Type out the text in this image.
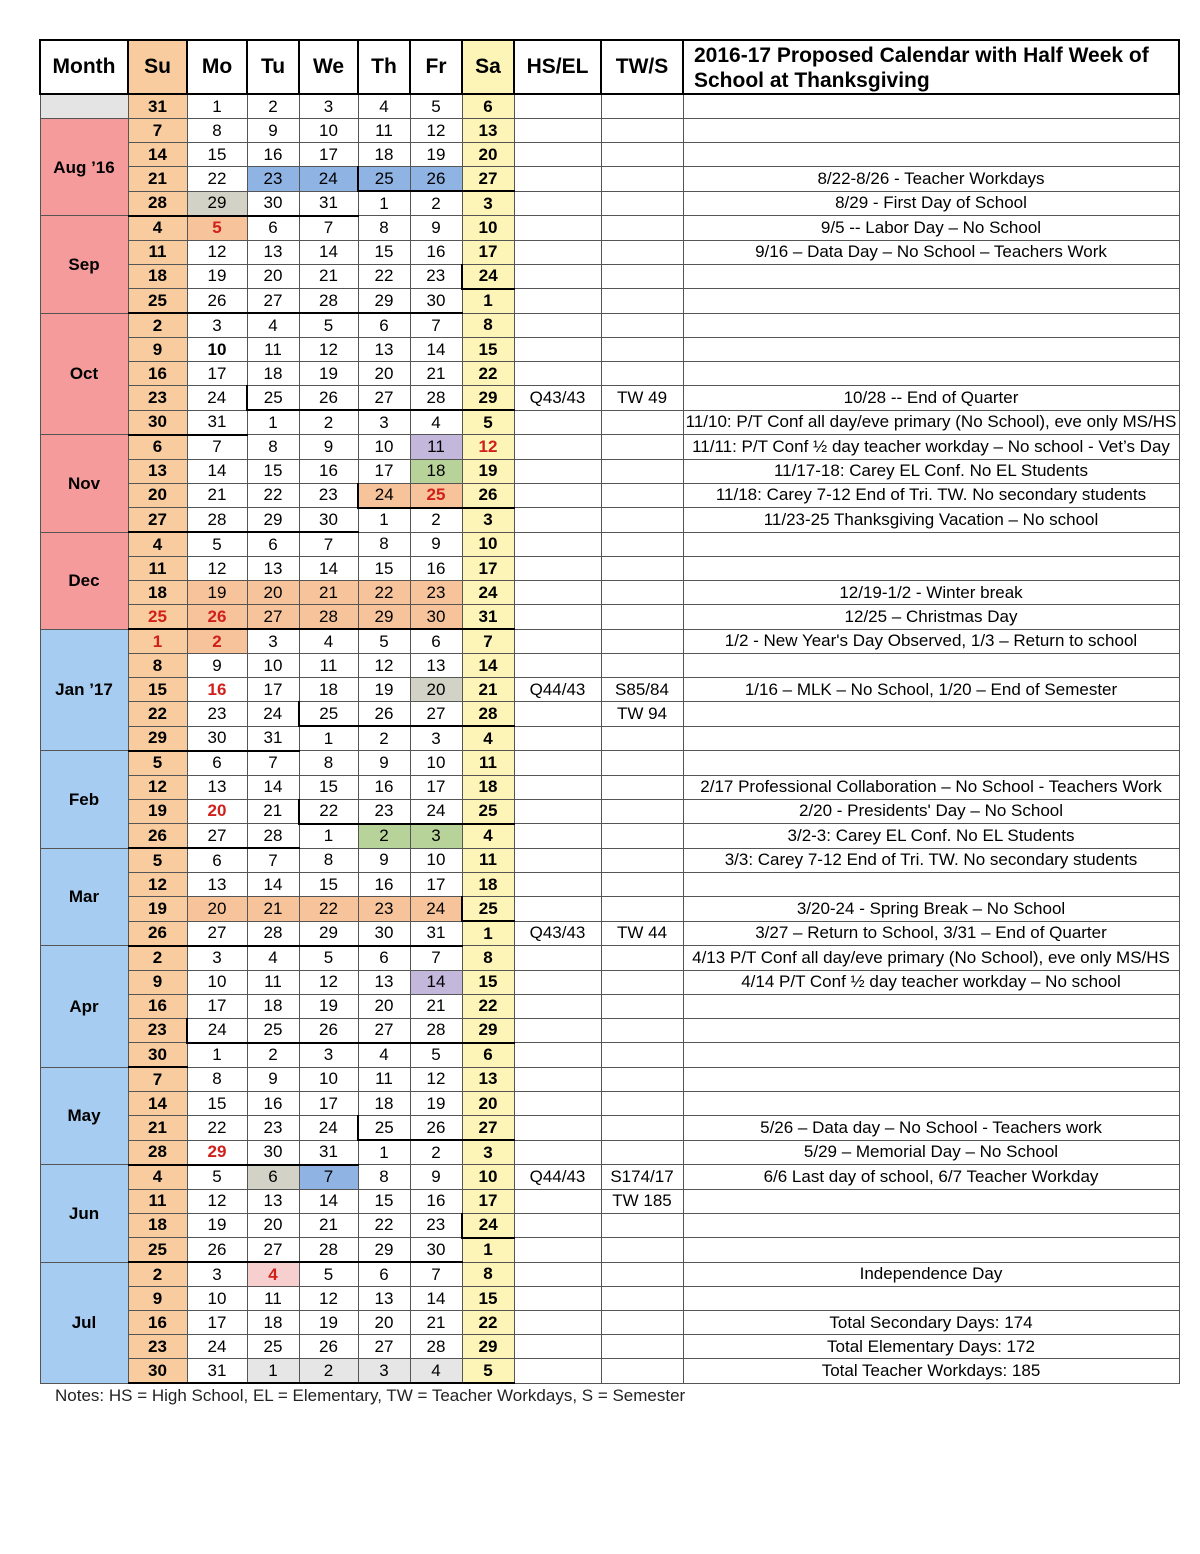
Month	Su	Mo	Tu	We	Th	Fr	Sa	HS/EL	TW/S	2016-17 Proposed Calendar with Half Week of School at Thanksgiving
	31	1	2	3	4	5	6			
Aug ’16	7	8	9	10	11	12	13			
	14	15	16	17	18	19	20			
	21	22	23	24	25	26	27			8/22-8/26 - Teacher Workdays
	28	29	30	31	1	2	3			8/29 - First Day of School
Sep	4	5	6	7	8	9	10			9/5 -- Labor Day – No School
	11	12	13	14	15	16	17			9/16 – Data Day – No School – Teachers Work
	18	19	20	21	22	23	24			
	25	26	27	28	29	30	1			
Oct	2	3	4	5	6	7	8			
	9	10	11	12	13	14	15			
	16	17	18	19	20	21	22			
	23	24	25	26	27	28	29	Q43/43	TW 49	10/28 -- End of Quarter
	30	31	1	2	3	4	5			11/10: P/T Conf all day/eve primary (No School), eve only MS/HS
Nov	6	7	8	9	10	11	12			11/11: P/T Conf ½ day teacher workday – No school - Vet’s Day
	13	14	15	16	17	18	19			11/17-18: Carey EL Conf. No EL Students
	20	21	22	23	24	25	26			11/18: Carey 7-12 End of Tri. TW. No secondary students
	27	28	29	30	1	2	3			11/23-25 Thanksgiving Vacation – No school
Dec	4	5	6	7	8	9	10			
	11	12	13	14	15	16	17			
	18	19	20	21	22	23	24			12/19-1/2 - Winter break
	25	26	27	28	29	30	31			12/25 – Christmas Day
Jan ’17	1	2	3	4	5	6	7			1/2 - New Year's Day Observed, 1/3 – Return to school
	8	9	10	11	12	13	14			
	15	16	17	18	19	20	21	Q44/43	S85/84	1/16 – MLK – No School, 1/20 – End of Semester
	22	23	24	25	26	27	28		TW 94	
	29	30	31	1	2	3	4			
Feb	5	6	7	8	9	10	11			
	12	13	14	15	16	17	18			2/17 Professional Collaboration – No School - Teachers Work
	19	20	21	22	23	24	25			2/20 - Presidents' Day – No School
	26	27	28	1	2	3	4			3/2-3: Carey EL Conf. No EL Students
Mar	5	6	7	8	9	10	11			3/3: Carey 7-12 End of Tri. TW. No secondary students
	12	13	14	15	16	17	18			
	19	20	21	22	23	24	25			3/20-24 - Spring Break – No School
	26	27	28	29	30	31	1	Q43/43	TW 44	3/27 – Return to School, 3/31 – End of Quarter
Apr	2	3	4	5	6	7	8			4/13 P/T Conf all day/eve primary (No School), eve only MS/HS
	9	10	11	12	13	14	15			4/14 P/T Conf ½ day teacher workday – No school
	16	17	18	19	20	21	22			
	23	24	25	26	27	28	29			
	30	1	2	3	4	5	6			
May	7	8	9	10	11	12	13			
	14	15	16	17	18	19	20			
	21	22	23	24	25	26	27			5/26 – Data day – No School - Teachers work
	28	29	30	31	1	2	3			5/29 – Memorial Day – No School
Jun	4	5	6	7	8	9	10	Q44/43	S174/17	6/6 Last day of school, 6/7 Teacher Workday
	11	12	13	14	15	16	17		TW 185	
	18	19	20	21	22	23	24			
	25	26	27	28	29	30	1			
Jul	2	3	4	5	6	7	8			Independence Day
	9	10	11	12	13	14	15			
	16	17	18	19	20	21	22			Total Secondary Days: 174
	23	24	25	26	27	28	29			Total Elementary Days: 172
	30	31	1	2	3	4	5			Total Teacher Workdays: 185
Notes: HS = High School, EL = Elementary, TW = Teacher Workdays, S = Semester
